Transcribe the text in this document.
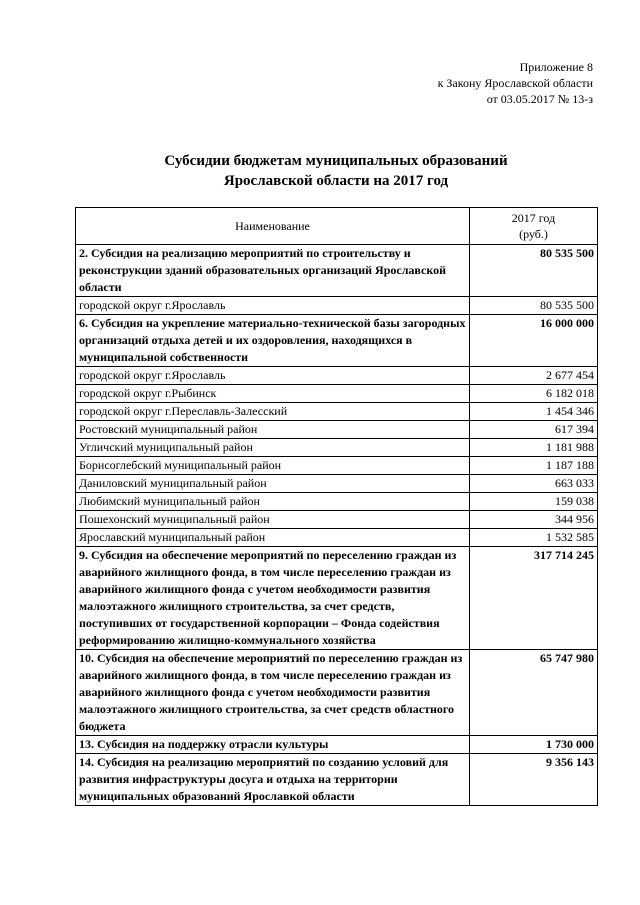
Приложение 8
к Закону Ярославской области
от 03.05.2017 № 13-з
Субсидии бюджетам муниципальных образований
Ярославской области на 2017 год
Наименование	2017 год
(руб.)

2. Субсидия на реализацию мероприятий по строительству и реконструкции зданий образовательных организаций Ярославской области	80 535 500
городской округ г.Ярославль	80 535 500
6. Субсидия на укрепление материально-технической базы загородных организаций отдыха детей и их оздоровления, находящихся в муниципальной собственности	16 000 000
городской округ г.Ярославль	2 677 454
городской округ г.Рыбинск	6 182 018
городской округ г.Переславль-Залесский	1 454 346
Ростовский муниципальный район	617 394
Угличский муниципальный район	1 181 988
Борисоглебский муниципальный район	1 187 188
Даниловский муниципальный район	663 033
Любимский муниципальный район	159 038
Пошехонский муниципальный район	344 956
Ярославский муниципальный район	1 532 585
9. Субсидия на обеспечение мероприятий по переселению граждан из аварийного жилищного фонда, в том числе переселению граждан из аварийного жилищного фонда с учетом необходимости развития малоэтажного жилищного строительства, за счет средств, поступивших от государственной корпорации – Фонда содействия реформированию жилищно-коммунального хозяйства	317 714 245
10. Субсидия на обеспечение мероприятий по переселению граждан из аварийного жилищного фонда, в том числе переселению граждан из аварийного жилищного фонда с учетом необходимости развития малоэтажного жилищного строительства, за счет средств областного бюджета	65 747 980
13. Субсидия на поддержку отрасли культуры	1 730 000
14. Субсидия на реализацию мероприятий по созданию условий для развития инфраструктуры досуга и отдыха на территории муниципальных образований Ярославкой области	9 356 143
